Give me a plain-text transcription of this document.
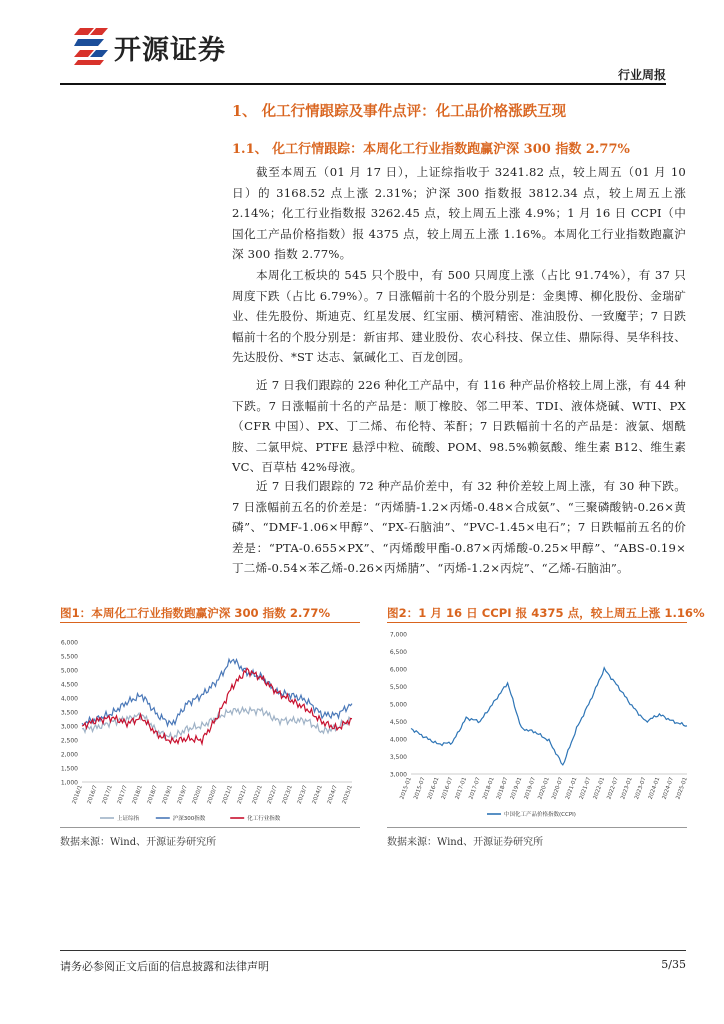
开源证券
行业周报
1、 化工行情跟踪及事件点评：化工品价格涨跌互现
1.1、 化工行情跟踪：本周化工行业指数跑赢沪深 300 指数 2.77%

截至本周五（01 月 17 日），上证综指收于 3241.82 点，较上周五（01 月 10 日）的 3168.52 点上涨 2.31%；沪深 300 指数报 3812.34 点，较上周五上涨 2.14%；化工行业指数报 3262.45 点，较上周五上涨 4.9%；1 月 16 日 CCPI（中国化工产品价格指数）报 4375 点，较上周五上涨 1.16%。本周化工行业指数跑赢沪深 300 指数 2.77%。

本周化工板块的 545 只个股中，有 500 只周度上涨（占比 91.74%），有 37 只周度下跌（占比 6.79%）。7 日涨幅前十名的个股分别是：金奥博、柳化股份、金瑞矿业、佳先股份、斯迪克、红星发展、红宝丽、横河精密、准油股份、一致魔芋；7 日跌幅前十名的个股分别是：新宙邦、建业股份、农心科技、保立佳、鼎际得、昊华科技、先达股份、*ST 达志、氯碱化工、百龙创园。

近 7 日我们跟踪的 226 种化工产品中，有 116 种产品价格较上周上涨，有 44 种下跌。7 日涨幅前十名的产品是：顺丁橡胶、邻二甲苯、TDI、液体烧碱、WTI、PX（CFR 中国）、PX、丁二烯、布伦特、苯酐；7 日跌幅前十名的产品是：液氯、烟酰胺、二氯甲烷、PTFE 悬浮中粒、硫酸、POM、98.5%赖氨酸、维生素 B12、维生素 VC、百草枯 42%母液。

近 7 日我们跟踪的 72 种产品价差中，有 32 种价差较上周上涨，有 30 种下跌。7 日涨幅前五名的价差是：“丙烯腈-1.2×丙烯-0.48×合成氨”、“三聚磷酸钠-0.26×黄磷”、“DMF-1.06×甲醇”、“PX-石脑油”、“PVC-1.45×电石”；7 日跌幅前五名的价差是：“PTA-0.655×PX”、“丙烯酸甲酯-0.87×丙烯酸-0.25×甲醇”、“ABS-0.19×丁二烯-0.54×苯乙烯-0.26×丙烯腈”、“丙烯-1.2×丙烷”、“乙烯-石脑油”。

图1：本周化工行业指数跑赢沪深 300 指数 2.77%
1,000
1,500
2,000
2,500
3,000
3,500
4,000
4,500
5,000
5,500
6,000
2016/1 2016/7 2017/1 2017/7 2018/1 2018/7 2019/1 2019/7 2020/1 2020/7 2021/1 2021/7 2022/1 2022/7 2023/1 2023/7 2024/1 2024/7 2025/1
上证综指	沪深300指数	化工行业指数
数据来源：Wind、开源证券研究所
图2：1 月 16 日 CCPI 报 4375 点，较上周五上涨 1.16%
3,000
3,500
4,000
4,500
5,000
5,500
6,000
6,500
7,000
2015-01 2015-07 2016-01 2016-07 2017-01 2017-07 2018-01 2018-07 2019-01 2019-07 2020-01 2020-07 2021-01 2021-07 2022-01 2022-07 2023-01 2023-07 2024-01 2024-07 2025-01
中国化工产品价格指数(CCPI)
数据来源：Wind、开源证券研究所
请务必参阅正文后面的信息披露和法律声明	5/35
